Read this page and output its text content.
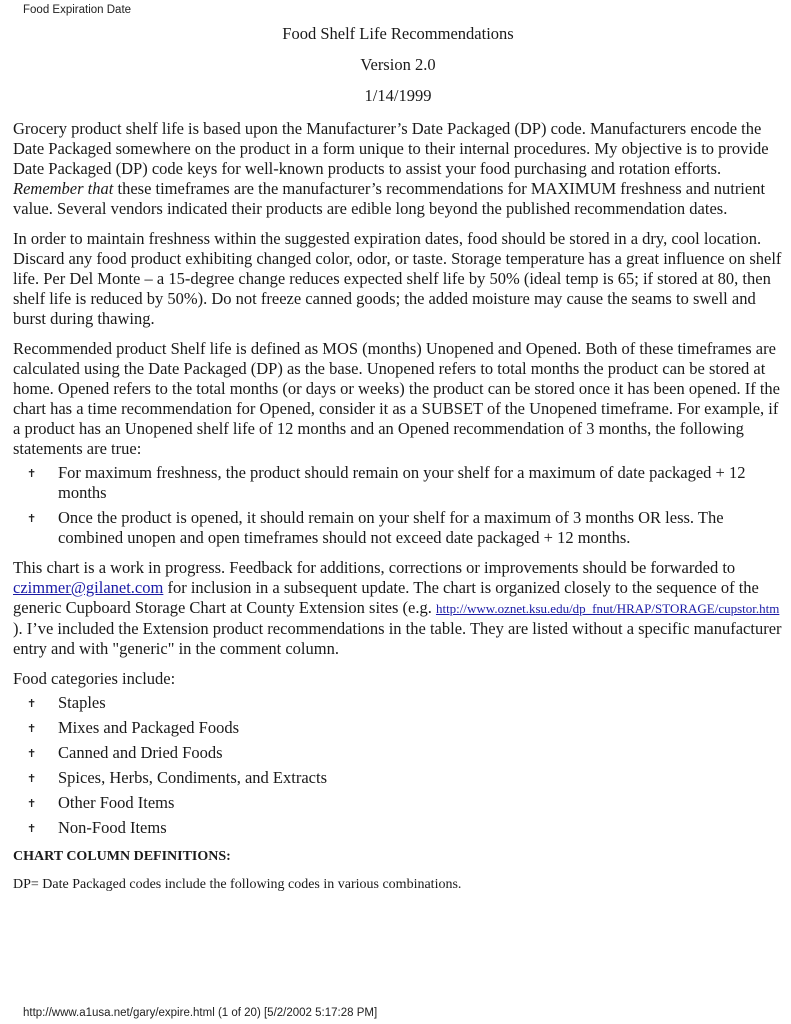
Food Expiration Date
Food Shelf Life Recommendations
Version 2.0
1/14/1999

Grocery product shelf life is based upon the Manufacturer’s Date Packaged (DP) code. Manufacturers encode the Date Packaged somewhere on the product in a form unique to their internal procedures. My objective is to provide Date Packaged (DP) code keys for well-known products to assist your food purchasing and rotation efforts. Remember that these timeframes are the manufacturer’s recommendations for MAXIMUM freshness and nutrient value. Several vendors indicated their products are edible long beyond the published recommendation dates.

In order to maintain freshness within the suggested expiration dates, food should be stored in a dry, cool location. Discard any food product exhibiting changed color, odor, or taste. Storage temperature has a great influence on shelf life. Per Del Monte – a 15-degree change reduces expected shelf life by 50% (ideal temp is 65; if stored at 80, then shelf life is reduced by 50%). Do not freeze canned goods; the added moisture may cause the seams to swell and burst during thawing.

Recommended product Shelf life is defined as MOS (months) Unopened and Opened. Both of these timeframes are calculated using the Date Packaged (DP) as the base. Unopened refers to total months the product can be stored at home. Opened refers to the total months (or days or weeks) the product can be stored once it has been opened. If the chart has a time recommendation for Opened, consider it as a SUBSET of the Unopened timeframe. For example, if a product has an Unopened shelf life of 12 months and an Opened recommendation of 3 months, the following statements are true:

✝ For maximum freshness, the product should remain on your shelf for a maximum of date packaged + 12 months
✝ Once the product is opened, it should remain on your shelf for a maximum of 3 months OR less. The combined unopen and open timeframes should not exceed date packaged + 12 months.

This chart is a work in progress. Feedback for additions, corrections or improvements should be forwarded to czimmer@gilanet.com for inclusion in a subsequent update. The chart is organized closely to the sequence of the generic Cupboard Storage Chart at County Extension sites (e.g. http://www.oznet.ksu.edu/dp_fnut/HRAP/STORAGE/cupstor.htm ). I’ve included the Extension product recommendations in the table. They are listed without a specific manufacturer entry and with "generic" in the comment column.

Food categories include:

✝ Staples
✝ Mixes and Packaged Foods
✝ Canned and Dried Foods
✝ Spices, Herbs, Condiments, and Extracts
✝ Other Food Items
✝ Non-Food Items
CHART COLUMN DEFINITIONS:

DP= Date Packaged codes include the following codes in various combinations.

http://www.a1usa.net/gary/expire.html (1 of 20) [5/2/2002 5:17:28 PM]
